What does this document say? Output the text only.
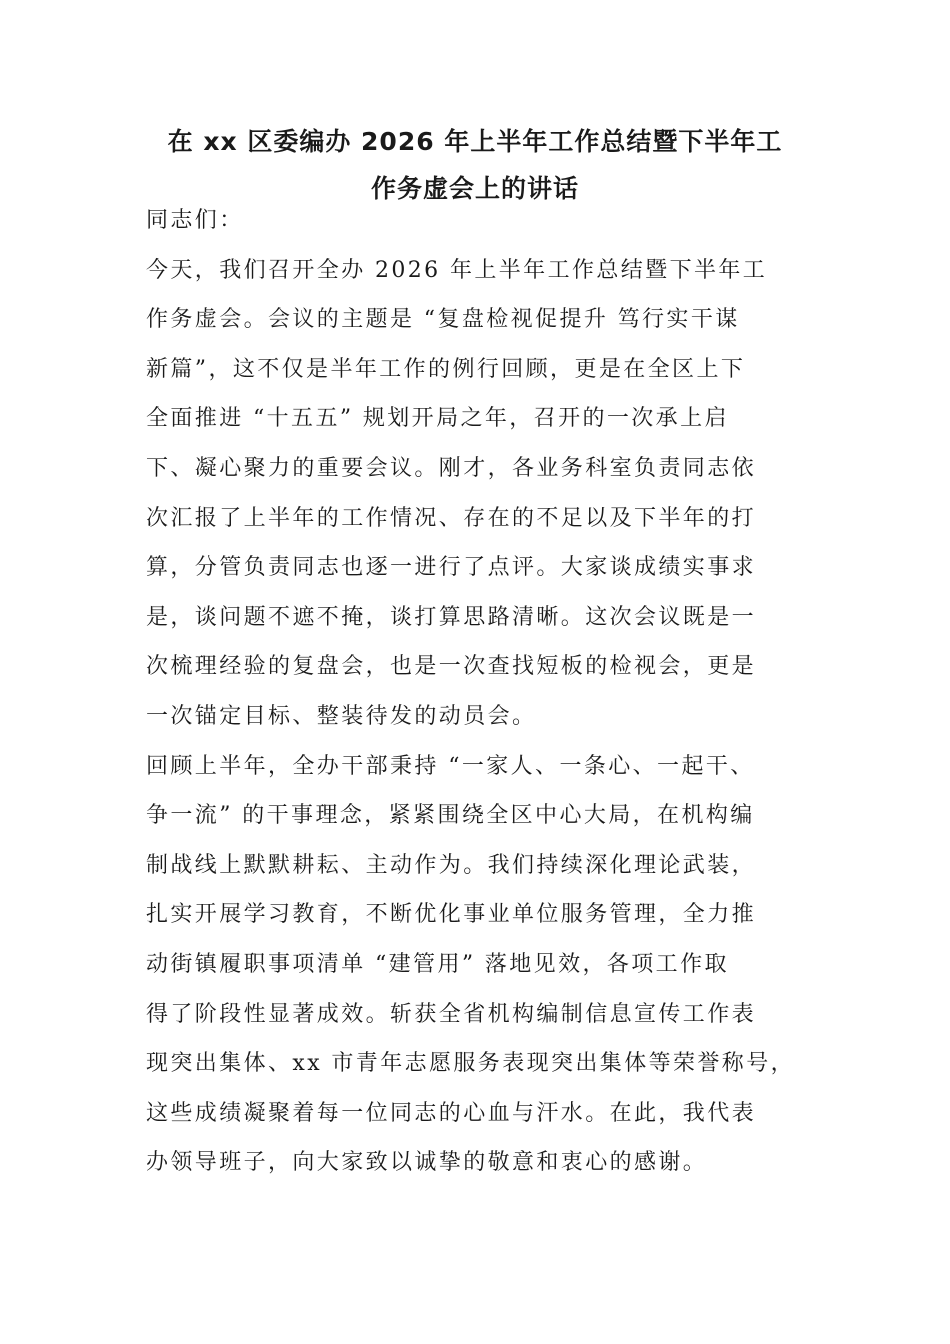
在 xx 区委编办 2026 年上半年工作总结暨下半年工
作务虚会上的讲话
同志们：
今天，我们召开全办 2026 年上半年工作总结暨下半年工
作务虚会。会议的主题是 “复盘检视促提升 笃行实干谋
新篇”，这不仅是半年工作的例行回顾，更是在全区上下
全面推进 “十五五” 规划开局之年，召开的一次承上启
下、凝心聚力的重要会议。刚才，各业务科室负责同志依
次汇报了上半年的工作情况、存在的不足以及下半年的打
算，分管负责同志也逐一进行了点评。大家谈成绩实事求
是，谈问题不遮不掩，谈打算思路清晰。这次会议既是一
次梳理经验的复盘会，也是一次查找短板的检视会，更是
一次锚定目标、整装待发的动员会。
回顾上半年，全办干部秉持 “一家人、一条心、一起干、
争一流” 的干事理念，紧紧围绕全区中心大局，在机构编
制战线上默默耕耘、主动作为。我们持续深化理论武装，
扎实开展学习教育，不断优化事业单位服务管理，全力推
动街镇履职事项清单 “建管用” 落地见效，各项工作取
得了阶段性显著成效。斩获全省机构编制信息宣传工作表
现突出集体、xx 市青年志愿服务表现突出集体等荣誉称号，
这些成绩凝聚着每一位同志的心血与汗水。在此，我代表
办领导班子，向大家致以诚挚的敬意和衷心的感谢。
